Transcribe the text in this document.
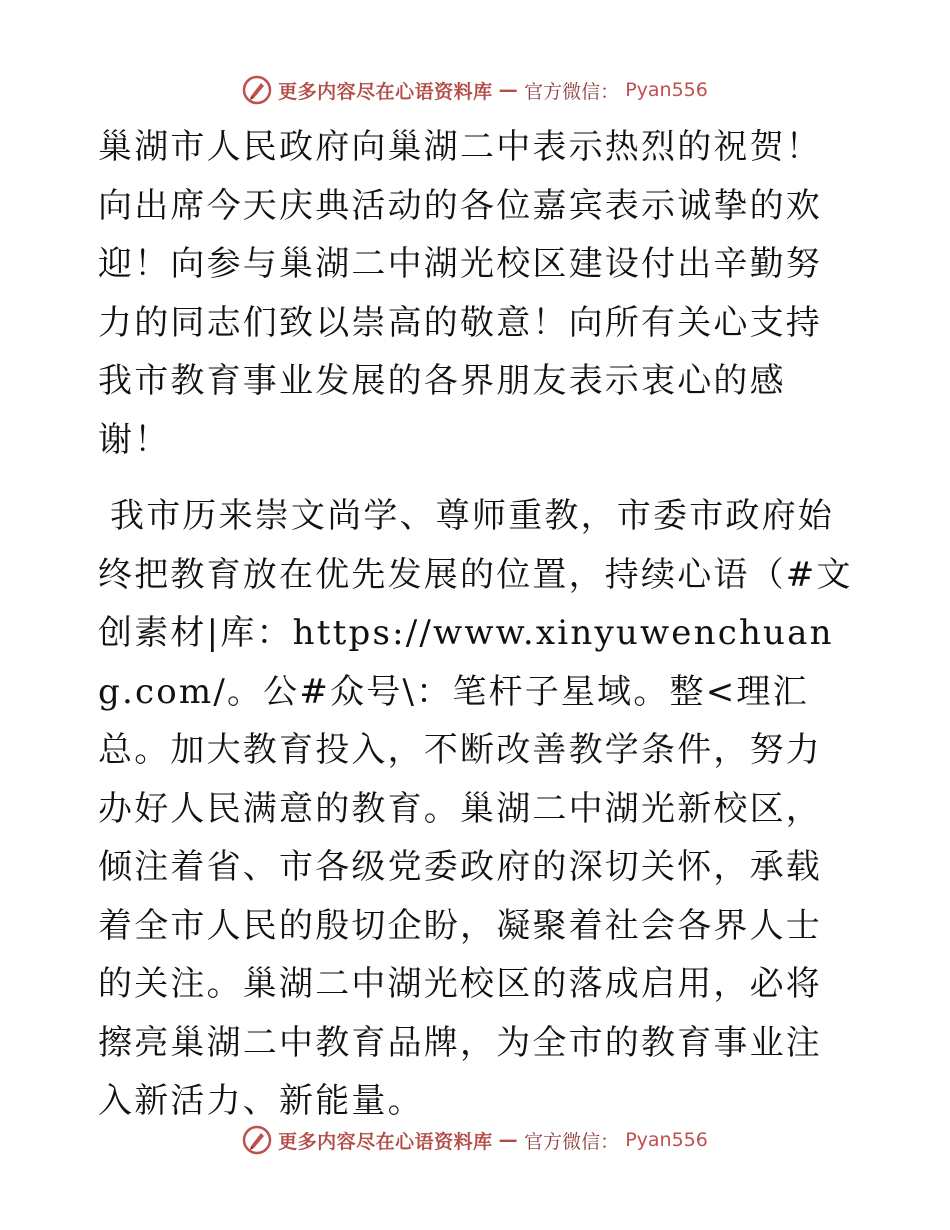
更多内容尽在心语资料库 — 官方微信： Pyan556

巢湖市人民政府向巢湖二中表示热烈的祝贺！向出席今天庆典活动的各位嘉宾表示诚挚的欢迎！向参与巢湖二中湖光校区建设付出辛勤努力的同志们致以崇高的敬意！向所有关心支持我市教育事业发展的各界朋友表示衷心的感谢！

我市历来崇文尚学、尊师重教，市委市政府始终把教育放在优先发展的位置，持续心语（#文创素材|库：https://www.xinyuwenchuang.com/。公#众号\：笔杆子星域。整<理汇总。加大教育投入，不断改善教学条件，努力办好人民满意的教育。巢湖二中湖光新校区，倾注着省、市各级党委政府的深切关怀，承载着全市人民的殷切企盼，凝聚着社会各界人士的关注。巢湖二中湖光校区的落成启用，必将擦亮巢湖二中教育品牌，为全市的教育事业注入新活力、新能量。

更多内容尽在心语资料库 — 官方微信： Pyan556
